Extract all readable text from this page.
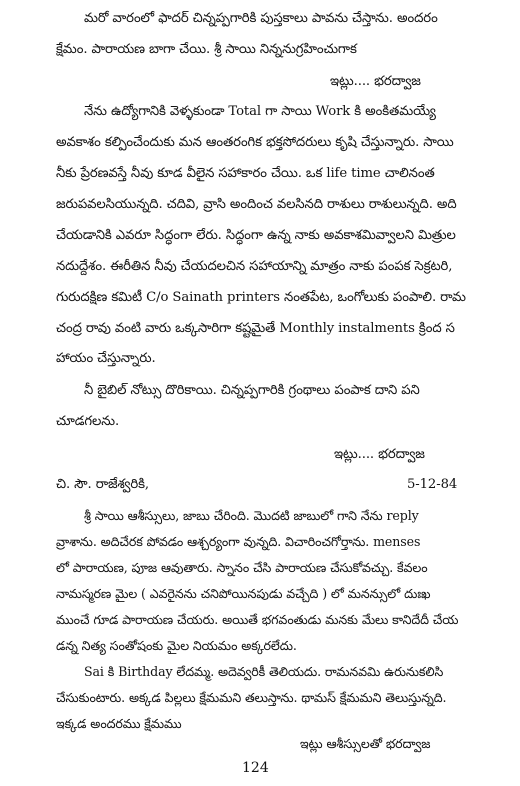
మరో వారంలో ఫాదర్ చిన్నప్పగారికి పుస్తకాలు పావను చేస్తాను. అందరం
క్షేమం. పారాయణ బాగా చేయి. శ్రీ సాయి నిన్ననుగ్రహించుగాక
ఇట్లు.... భరద్వాజ
నేను ఉద్యోగానికి వెళ్ళకుండా Total గా సాయి Work కి అంకితమయ్యే
అవకాశం కల్పించేందుకు మన ఆంతరంగిక భక్తసోదరులు కృషి చేస్తున్నారు. సాయి
నీకు ప్రేరణవస్తే నీవు కూడ వీలైన సహాకారం చేయి. ఒక life time చాలినంత
జరుపవలసియున్నది. చదివి, వ్రాసి అందించ వలసినది రాశులు రాశులున్నది. అది
చేయడానికి ఎవరూ సిద్ధంగా లేరు. సిద్ధంగా ఉన్న నాకు అవకాశమివ్వాలని మిత్రుల
నదుద్దేశం. ఈరీతిన నీవు చేయదలచిన సహాయాన్ని మాత్రం నాకు పంపక సెక్రటరి,
గురుదక్షిణ కమిటీ C/o Sainath printers నంతపేట, ఒంగోలుకు పంపాలి. రామ
చంద్ర రావు వంటి వారు ఒక్కసారిగా కష్టమైతే Monthly instalments క్రింద స
హాయం చేస్తున్నారు.
నీ బైబిల్ నోట్సు దొరికాయి. చిన్నప్పగారికి గ్రంథాలు పంపాక దాని పని
చూడగలను.
ఇట్లు.... భరద్వాజ
చి. సౌ. రాజేశ్వరికి,	5-12-84
శ్రీ సాయి ఆశీస్సులు, జాబు చేరింది. మొదటి జాబులో గాని నేను reply
వ్రాశాను. అదిచేరక పోవడం ఆశ్చర్యంగా వున్నది. విచారించగోర్తాను. menses
లో పారాయణ, పూజ ఆవుతారు. స్నానం చేసి పారాయణ చేసుకోవచ్చు. కేవలం
నామస్మరణ మైల ( ఎవరైనను చనిపోయినపుడు వచ్చేది ) లో మనన్సులో దుఃఖ
ముంచే గూడ పారాయణ చేయరు. అయితే భగవంతుడు మనకు మేలు కానిదేదీ చేయ
డన్న నిత్య సంతోషంకు మైల నియమం అక్కరలేదు.
Sai కి Birthday లేదమ్మ. అదెవ్వరికీ తెలియదు. రామనవమి ఉరునుకలిసి
చేసుకుంటారు. అక్కడ పిల్లలు క్షేమమని తలుస్తాను. థామస్ క్షేమమని తెలుస్తున్నది.
ఇక్కడ అందరము క్షేమము
ఇట్లు ఆశీస్సులతో భరద్వాజ
124
